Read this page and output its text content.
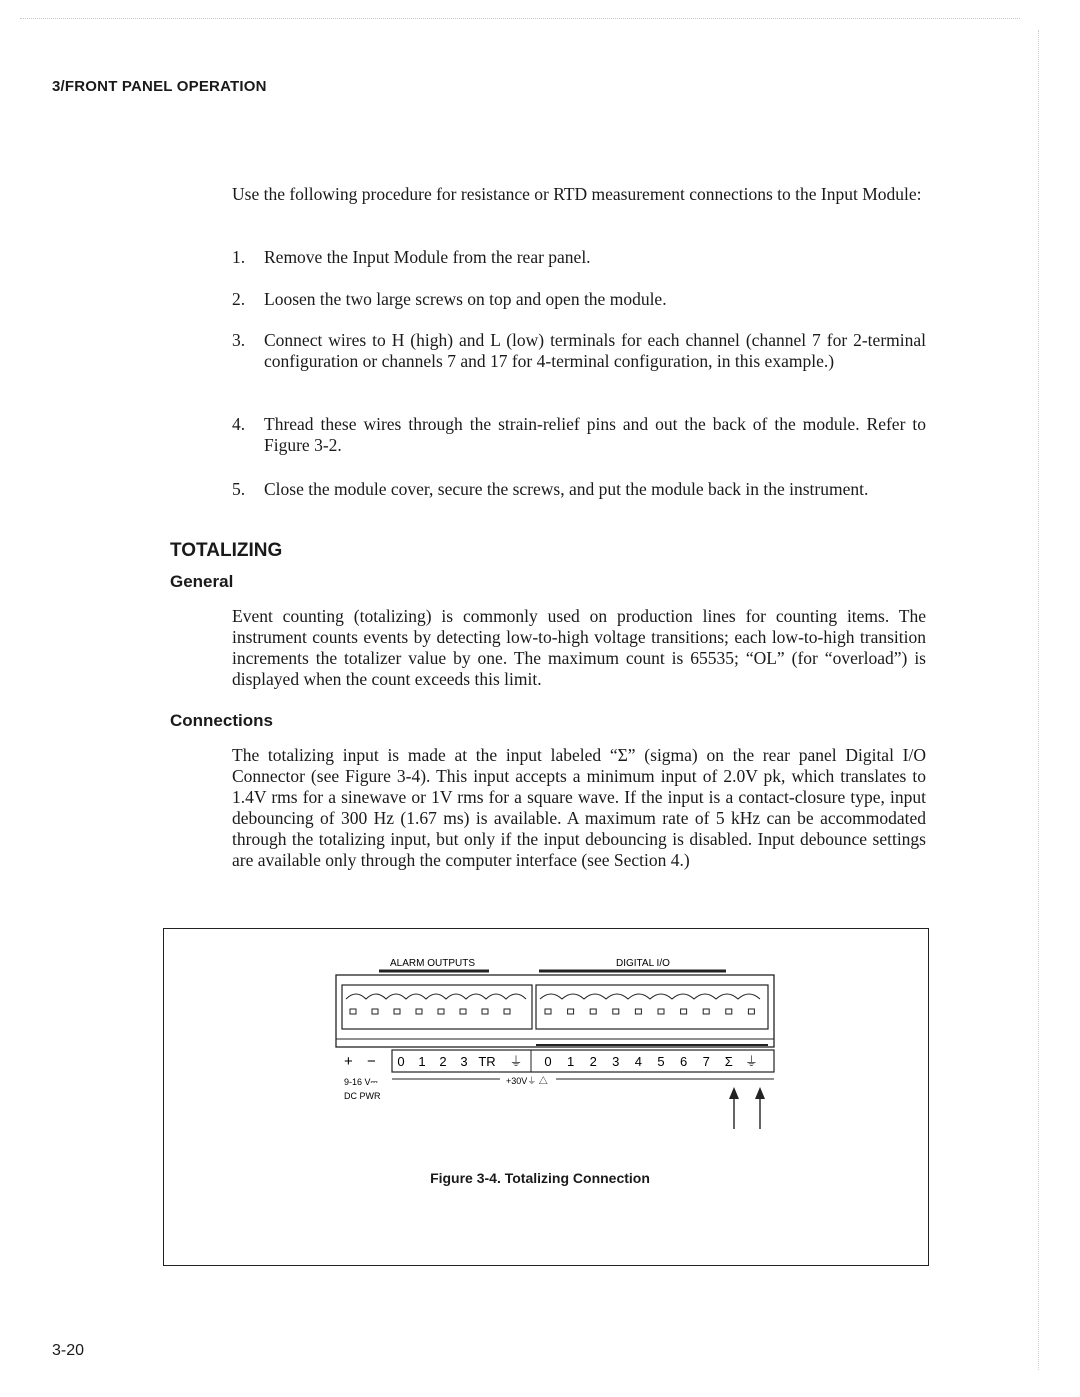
3/FRONT PANEL OPERATION
Use the following procedure for resistance or RTD measurement connections to the Input Module:
1. Remove the Input Module from the rear panel.
2. Loosen the two large screws on top and open the module.
3. Connect wires to H (high) and L (low) terminals for each channel (channel 7 for 2-terminal configuration or channels 7 and 17 for 4-terminal configuration, in this example.)
4. Thread these wires through the strain-relief pins and out the back of the module. Refer to Figure 3-2.
5. Close the module cover, secure the screws, and put the module back in the instrument.
TOTALIZING
General
Event counting (totalizing) is commonly used on production lines for counting items. The instrument counts events by detecting low-to-high voltage transitions; each low-to-high transition increments the totalizer value by one. The maximum count is 65535; “OL” (for “overload”) is displayed when the count exceeds this limit.
Connections
The totalizing input is made at the input labeled “Σ” (sigma) on the rear panel Digital I/O Connector (see Figure 3-4). This input accepts a minimum input of 2.0V pk, which translates to 1.4V rms for a sinewave or 1V rms for a square wave. If the input is a contact-closure type, input debouncing of 300 Hz (1.67 ms) is available. A maximum rate of 5 kHz can be accommodated through the totalizing input, but only if the input debouncing is disabled. Input debounce settings are available only through the computer interface (see Section 4.)
ALARM OUTPUTS	DIGITAL I/O
+ − 0 1 2 3 TR ⏚ 0 1 2 3 4 5 6 7 Σ ⏚
9-16 V⎓
DC PWR
+30V⏚ △
Figure 3-4. Totalizing Connection
3-20
